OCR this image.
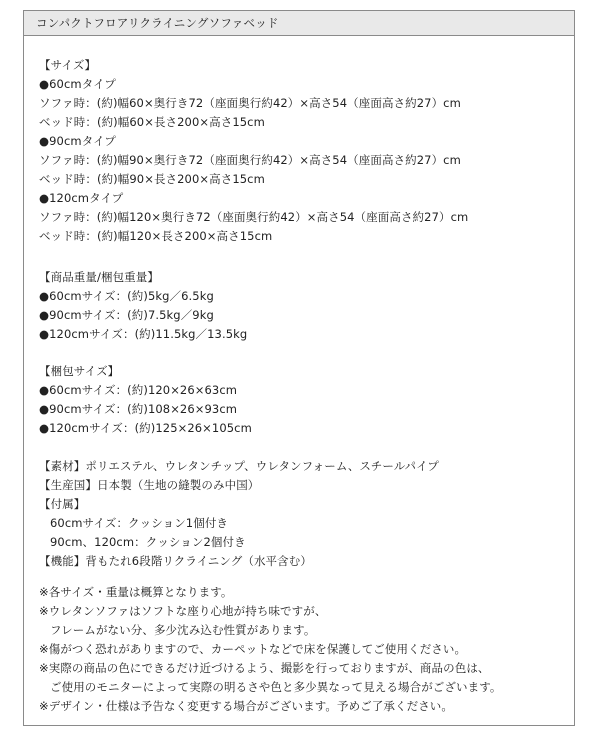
コンパクトフロアリクライニングソファベッド
【サイズ】
●60cmタイプ
ソファ時：(約)幅60×奥行き72（座面奥行約42）×高さ54（座面高さ約27）cm
ベッド時：(約)幅60×長さ200×高さ15cm
●90cmタイプ
ソファ時：(約)幅90×奥行き72（座面奥行約42）×高さ54（座面高さ約27）cm
ベッド時：(約)幅90×長さ200×高さ15cm
●120cmタイプ
ソファ時：(約)幅120×奥行き72（座面奥行約42）×高さ54（座面高さ約27）cm
ベッド時：(約)幅120×長さ200×高さ15cm
【商品重量/梱包重量】
●60cmサイズ：(約)5kg／6.5kg
●90cmサイズ：(約)7.5kg／9kg
●120cmサイズ：(約)11.5kg／13.5kg
【梱包サイズ】
●60cmサイズ：(約)120×26×63cm
●90cmサイズ：(約)108×26×93cm
●120cmサイズ：(約)125×26×105cm
【素材】ポリエステル、ウレタンチップ、ウレタンフォーム、スチールパイプ
【生産国】日本製（生地の縫製のみ中国）
【付属】
60cmサイズ：クッション1個付き
90cm、120cm：クッション2個付き
【機能】背もたれ6段階リクライニング（水平含む）
※各サイズ・重量は概算となります。
※ウレタンソファはソフトな座り心地が持ち味ですが、
フレームがない分、多少沈み込む性質があります。
※傷がつく恐れがありますので、カーペットなどで床を保護してご使用ください。
※実際の商品の色にできるだけ近づけるよう、撮影を行っておりますが、商品の色は、
ご使用のモニターによって実際の明るさや色と多少異なって見える場合がございます。
※デザイン・仕様は予告なく変更する場合がございます。予めご了承ください。
